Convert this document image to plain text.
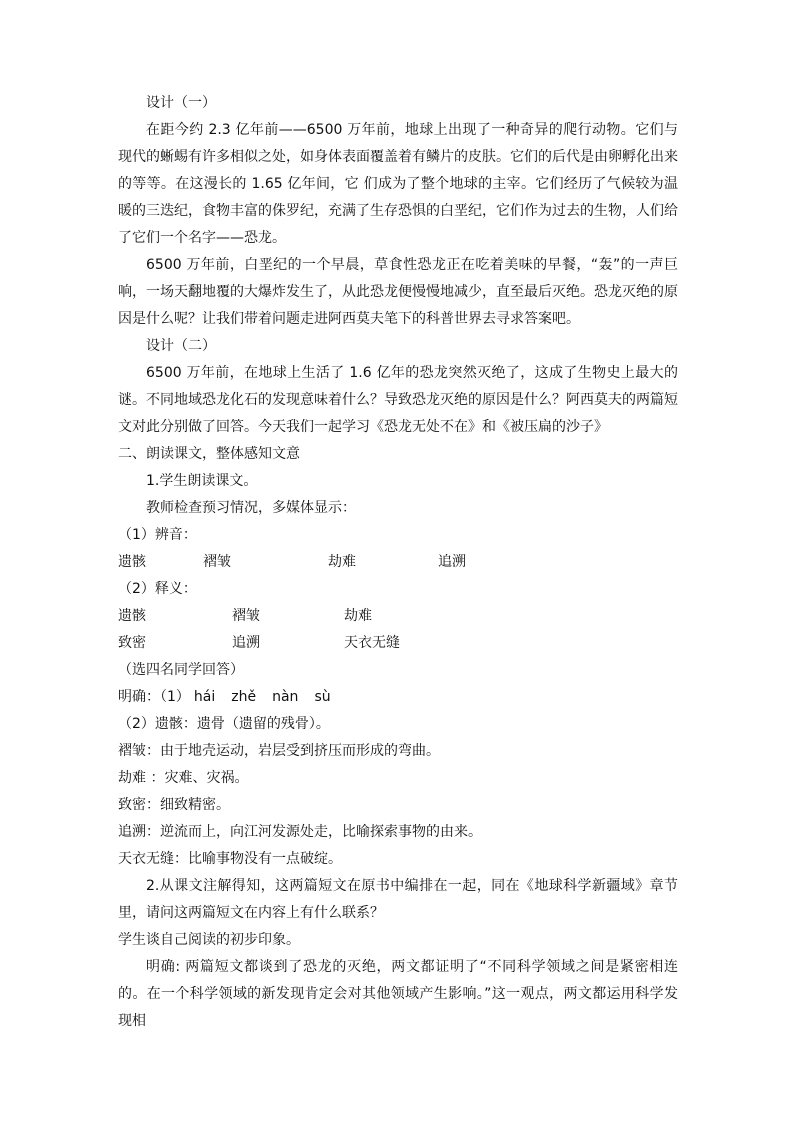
设计（一）

在距今约 2.3 亿年前——6500 万年前，地球上出现了一种奇异的爬行动物。它们与现代的蜥蜴有许多相似之处，如身体表面覆盖着有鳞片的皮肤。它们的后代是由卵孵化出来的等等。在这漫长的 1.65 亿年间，它 们成为了整个地球的主宰。它们经历了气候较为温暖的三迭纪，食物丰富的侏罗纪，充满了生存恐惧的白垩纪，它们作为过去的生物，人们给了它们一个名字——恐龙。

6500 万年前，白垩纪的一个早晨，草食性恐龙正在吃着美味的早餐，“轰”的一声巨响，一场天翻地覆的大爆炸发生了，从此恐龙便慢慢地减少，直至最后灭绝。恐龙灭绝的原因是什么呢？让我们带着问题走进阿西莫夫笔下的科普世界去寻求答案吧。

设计（二）

6500 万年前，在地球上生活了 1.6 亿年的恐龙突然灭绝了，这成了生物史上最大的谜。不同地域恐龙化石的发现意味着什么？导致恐龙灭绝的原因是什么？阿西莫夫的两篇短文对此分别做了回答。今天我们一起学习《恐龙无处不在》和《被压扁的沙子》

二、朗读课文，整体感知文意

1.学生朗读课文。

教师检查预习情况，多媒体显示：

（1）辨音：

遗骸	褶皱	劫难	追溯

（2）释义：

遗骸	褶皱	劫难
致密	追溯	天衣无缝

（选四名同学回答）

明确：（1） hái zhě nàn sù

（2）遗骸：遗骨（遗留的残骨）。

褶皱：由于地壳运动，岩层受到挤压而形成的弯曲。

劫难 ：灾难、灾祸。

致密：细致精密。

追溯：逆流而上，向江河发源处走，比喻探索事物的由来。

天衣无缝：比喻事物没有一点破绽。

2.从课文注解得知，这两篇短文在原书中编排在一起，同在《地球科学新疆域》章节里，请问这两篇短文在内容上有什么联系？

学生谈自己阅读的初步印象。

明确: 两篇短文都谈到了恐龙的灭绝，两文都证明了“不同科学领域之间是紧密相连的。在一个科学领域的新发现肯定会对其他领域产生影响。”这一观点，两文都运用科学发现相
